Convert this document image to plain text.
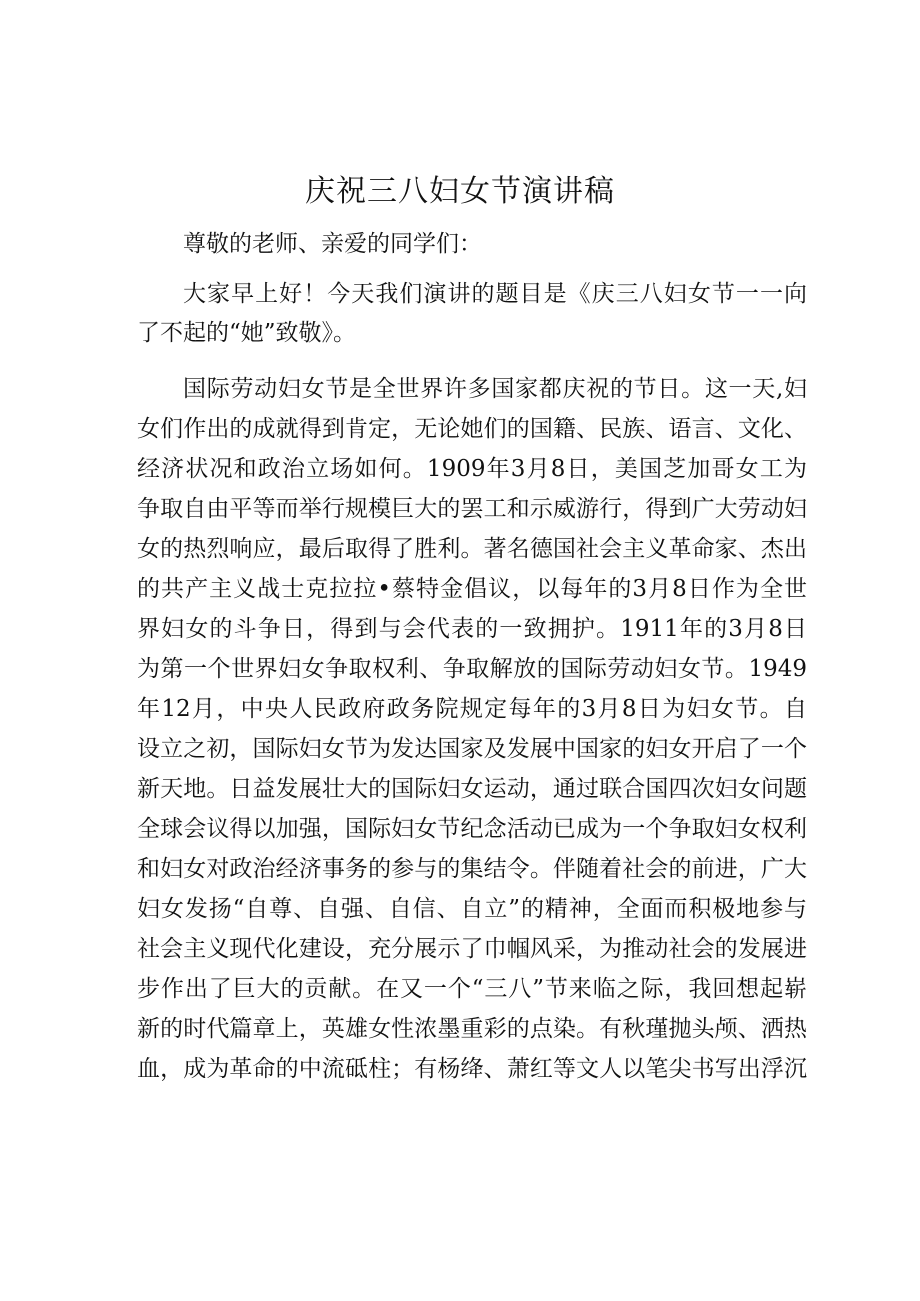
庆祝三八妇女节演讲稿
尊敬的老师、亲爱的同学们：
大家早上好！今天我们演讲的题目是《庆三八妇女节一一向
了不起的“她”致敬》。
国际劳动妇女节是全世界许多国家都庆祝的节日。这一天,妇
女们作出的成就得到肯定，无论她们的国籍、民族、语言、文化、
经济状况和政治立场如何。1909年3月8日，美国芝加哥女工为
争取自由平等而举行规模巨大的罢工和示威游行，得到广大劳动妇
女的热烈响应，最后取得了胜利。著名德国社会主义革命家、杰出
的共产主义战士克拉拉•蔡特金倡议，以每年的3月8日作为全世
界妇女的斗争日，得到与会代表的一致拥护。1911年的3月8日
为第一个世界妇女争取权利、争取解放的国际劳动妇女节。1949
年12月，中央人民政府政务院规定每年的3月8日为妇女节。自
设立之初，国际妇女节为发达国家及发展中国家的妇女开启了一个
新天地。日益发展壮大的国际妇女运动，通过联合国四次妇女问题
全球会议得以加强，国际妇女节纪念活动已成为一个争取妇女权利
和妇女对政治经济事务的参与的集结令。伴随着社会的前进，广大
妇女发扬“自尊、自强、自信、自立”的精神，全面而积极地参与
社会主义现代化建设，充分展示了巾帼风采，为推动社会的发展进
步作出了巨大的贡献。在又一个“三八”节来临之际，我回想起崭
新的时代篇章上，英雄女性浓墨重彩的点染。有秋瑾抛头颅、洒热
血，成为革命的中流砥柱；有杨绛、萧红等文人以笔尖书写出浮沉
